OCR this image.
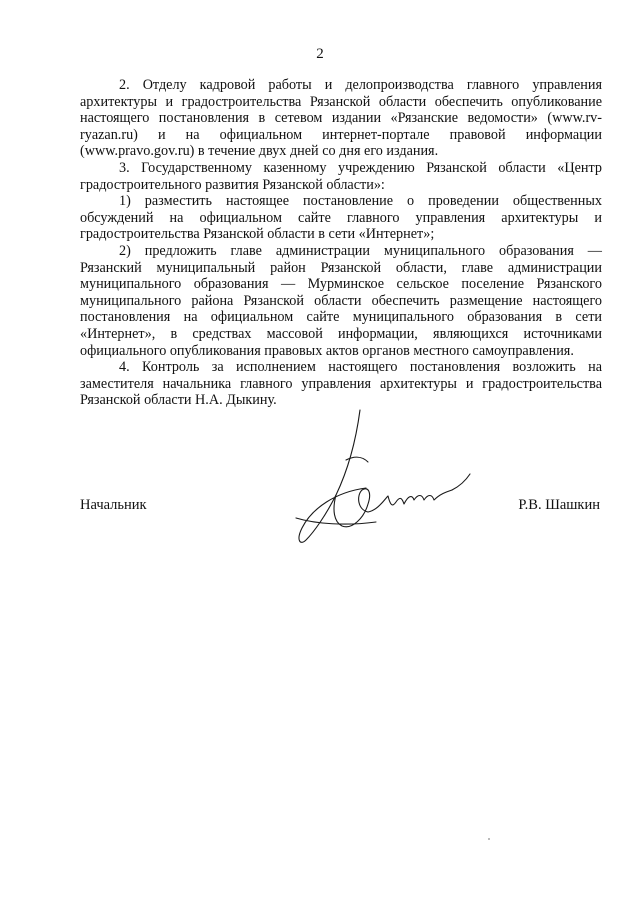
2

2. Отделу кадровой работы и делопроизводства главного управления архитектуры и градостроительства Рязанской области обеспечить опубликование настоящего постановления в сетевом издании «Рязанские ведомости» (www.rv-ryazan.ru) и на официальном интернет-портале правовой информации (www.pravo.gov.ru) в течение двух дней со дня его издания.

3. Государственному казенному учреждению Рязанской области «Центр градостроительного развития Рязанской области»:

1) разместить настоящее постановление о проведении общественных обсуждений на официальном сайте главного управления архитектуры и градостроительства Рязанской области в сети «Интернет»;

2) предложить главе администрации муниципального образования — Рязанский муниципальный район Рязанской области, главе администрации муниципального образования — Мурминское сельское поселение Рязанского муниципального района Рязанской области обеспечить размещение настоящего постановления на официальном сайте муниципального образования в сети «Интернет», в средствах массовой информации, являющихся источниками официального опубликования правовых актов органов местного самоуправления.

4. Контроль за исполнением настоящего постановления возложить на заместителя начальника главного управления архитектуры и градостроительства Рязанской области Н.А. Дыкину.

Начальник	Р.В. Шашкин
